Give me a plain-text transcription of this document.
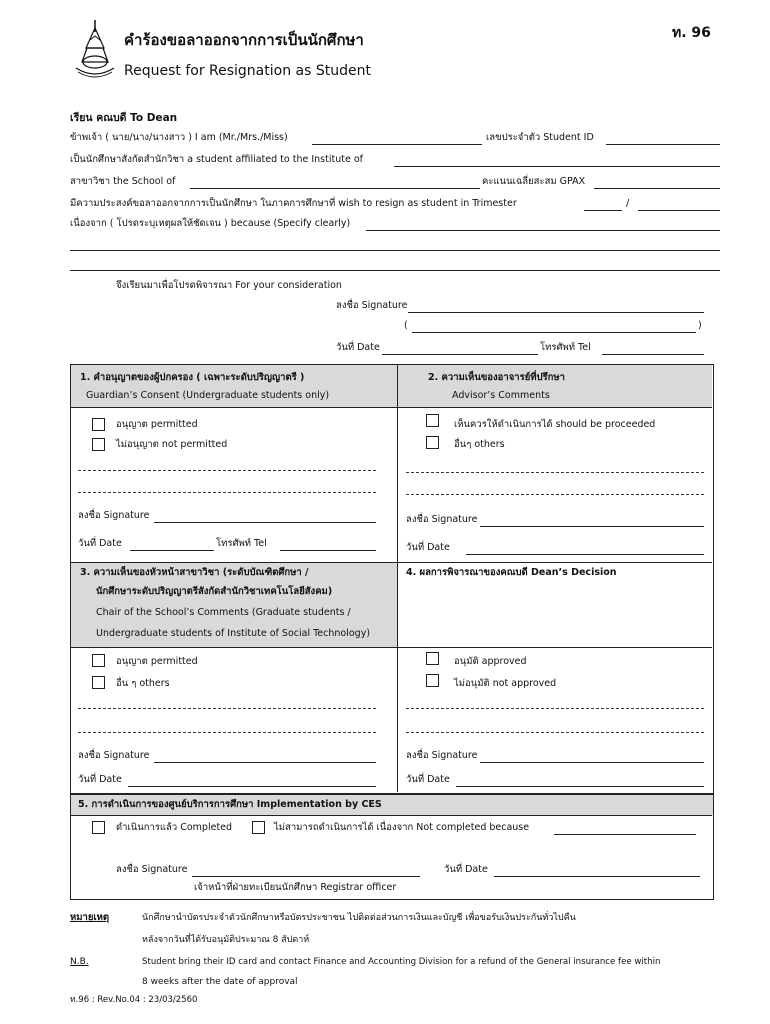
คำร้องขอลาออกจากการเป็นนักศึกษา
Request for Resignation as Student
ท. 96
เรียน คณบดี To Dean
ข้าพเจ้า ( นาย/นาง/นางสาว ) I am (Mr./Mrs./Miss)	เลขประจำตัว Student ID
เป็นนักศึกษาสังกัดสำนักวิชา a student affiliated to the Institute of
สาขาวิชา the School of	คะแนนเฉลี่ยสะสม GPAX
มีความประสงค์ขอลาออกจากการเป็นนักศึกษา ในภาคการศึกษาที่ wish to resign as student in Trimester	/
เนื่องจาก ( โปรดระบุเหตุผลให้ชัดเจน ) because (Specify clearly)
จึงเรียนมาเพื่อโปรดพิจารณา For your consideration
ลงชื่อ Signature
(	)
วันที่ Date	โทรศัพท์ Tel
1. คำอนุญาตของผู้ปกครอง ( เฉพาะระดับปริญญาตรี )
Guardian’s Consent (Undergraduate students only)
อนุญาต permitted
ไม่อนุญาต not permitted
ลงชื่อ Signature
วันที่ Date	โทรศัพท์ Tel
2. ความเห็นของอาจารย์ที่ปรึกษา
Advisor’s Comments
เห็นควรให้ดำเนินการได้ should be proceeded
อื่นๆ others
ลงชื่อ Signature
วันที่ Date
3. ความเห็นของหัวหน้าสาขาวิชา (ระดับบัณฑิตศึกษา /
นักศึกษาระดับปริญญาตรีสังกัดสำนักวิชาเทคโนโลยีสังคม)
Chair of the School’s Comments (Graduate students /
Undergraduate students of Institute of Social Technology)
อนุญาต permitted
อื่น ๆ others
ลงชื่อ Signature
วันที่ Date
4. ผลการพิจารณาของคณบดี Dean’s Decision
อนุมัติ approved
ไม่อนุมัติ not approved
ลงชื่อ Signature
วันที่ Date
5. การดำเนินการของศูนย์บริการการศึกษา Implementation by CES
ดำเนินการแล้ว Completed	ไม่สามารถดำเนินการได้ เนื่องจาก Not completed because
ลงชื่อ Signature	วันที่ Date
เจ้าหน้าที่ฝ่ายทะเบียนนักศึกษา Registrar officer
หมายเหตุ	นักศึกษานำบัตรประจำตัวนักศึกษาหรือบัตรประชาชน ไปติดต่อส่วนการเงินและบัญชี เพื่อขอรับเงินประกันทั่วไปคืน
หลังจากวันที่ได้รับอนุมัติประมาณ 8 สัปดาห์
N.B.	Student bring their ID card and contact Finance and Accounting Division for a refund of the General insurance fee within
8 weeks after the date of approval
ท.96 : Rev.No.04 : 23/03/2560
